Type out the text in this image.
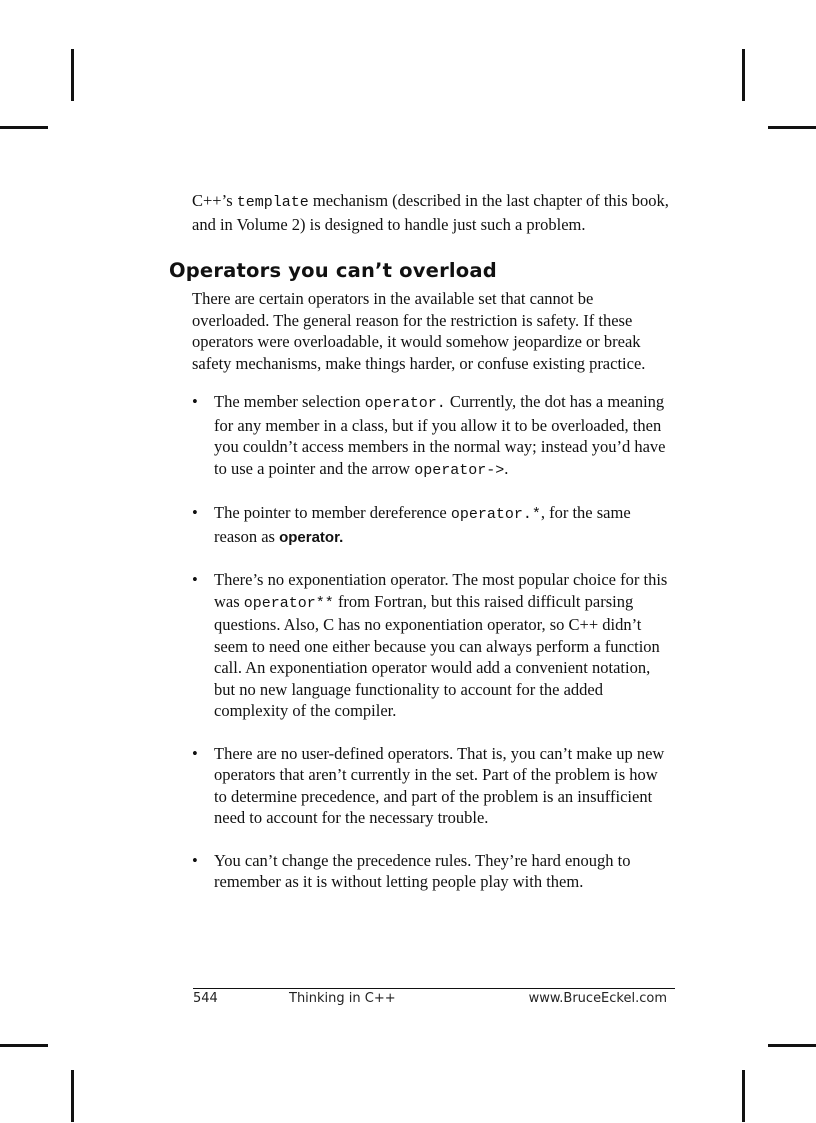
C++’s template mechanism (described in the last chapter of this book, and in Volume 2) is designed to handle just such a problem.

Operators you can’t overload

There are certain operators in the available set that cannot be overloaded. The general reason for the restriction is safety. If these operators were overloadable, it would somehow jeopardize or break safety mechanisms, make things harder, or confuse existing practice.

• The member selection operator. Currently, the dot has a meaning for any member in a class, but if you allow it to be overloaded, then you couldn’t access members in the normal way; instead you’d have to use a pointer and the arrow operator->.
• The pointer to member dereference operator.*, for the same reason as operator.
• There’s no exponentiation operator. The most popular choice for this was operator** from Fortran, but this raised difficult parsing questions. Also, C has no exponentiation operator, so C++ didn’t seem to need one either because you can always perform a function call. An exponentiation operator would add a convenient notation, but no new language functionality to account for the added complexity of the compiler.
• There are no user-defined operators. That is, you can’t make up new operators that aren’t currently in the set. Part of the problem is how to determine precedence, and part of the problem is an insufficient need to account for the necessary trouble.
• You can’t change the precedence rules. They’re hard enough to remember as it is without letting people play with them.
544	Thinking in C++	www.BruceEckel.com
